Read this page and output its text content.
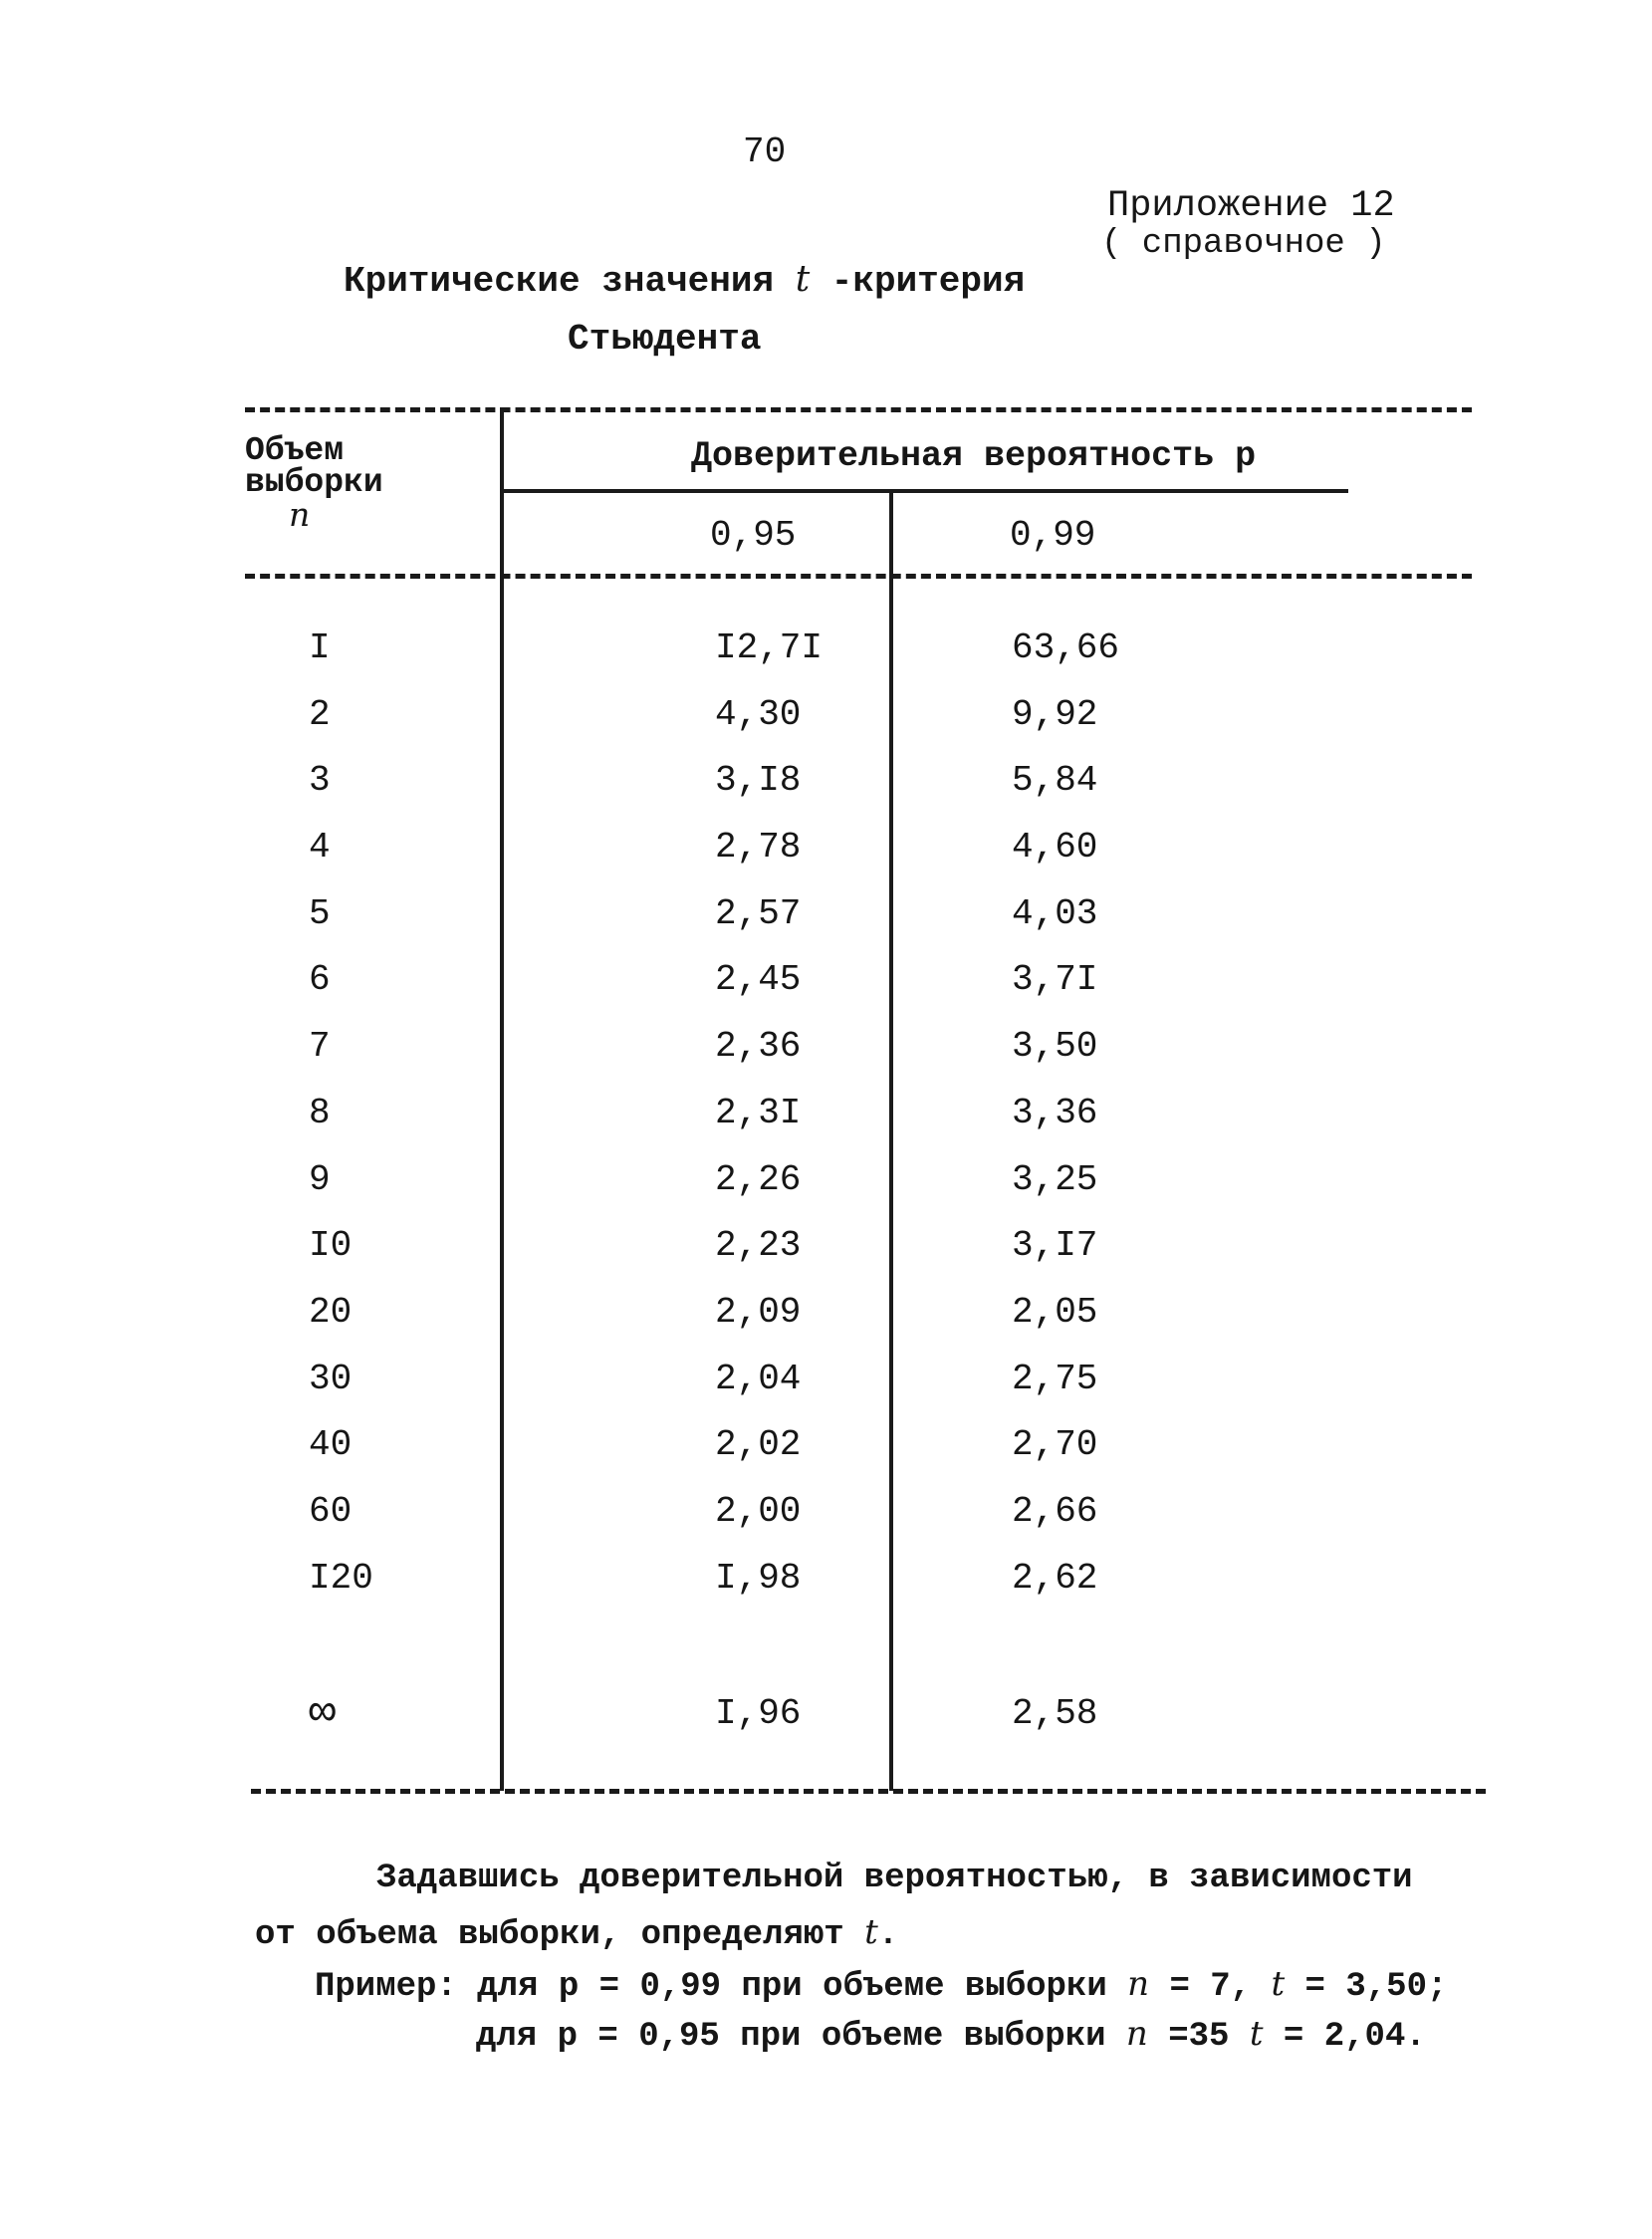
70
Приложение 12
( справочное )
Критические значения t -критерия
Стьюдента
Объем
выборки
n
Доверительная вероятность p
0,95	0,99
I	I2,7I	63,66
2	4,30	9,92
3	3,I8	5,84
4	2,78	4,60
5	2,57	4,03
6	2,45	3,7I
7	2,36	3,50
8	2,3I	3,36
9	2,26	3,25
I0	2,23	3,I7
20	2,09	2,05
30	2,04	2,75
40	2,02	2,70
60	2,00	2,66
I20	I,98	2,62
∞	I,96	2,58
Задавшись доверительной вероятностью, в зависимости
от объема выборки, определяют t.
Пример: для p = 0,99 при объеме выборки n = 7, t = 3,50;
для p = 0,95 при объеме выборки n =35 t = 2,04.
